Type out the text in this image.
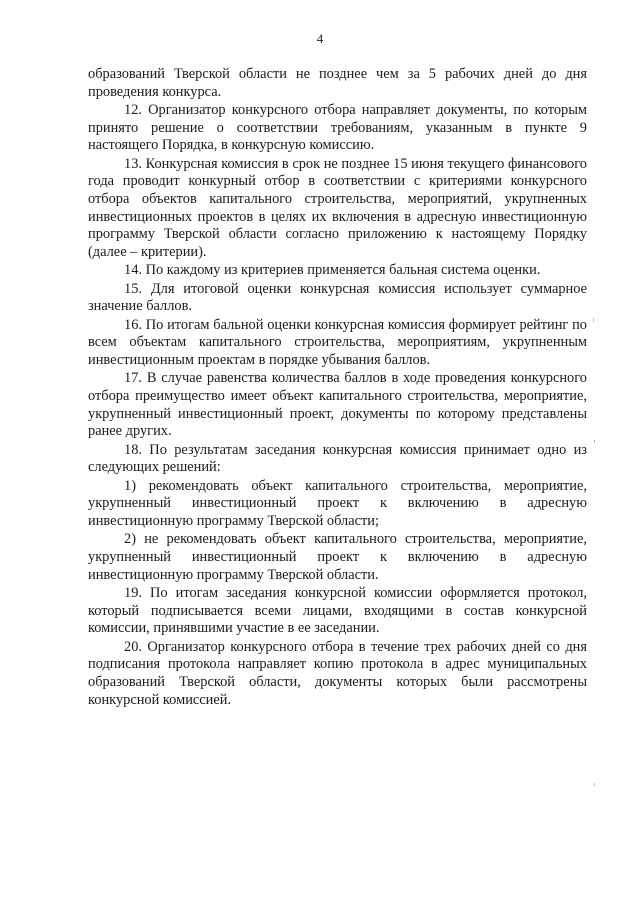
4

образований Тверской области не позднее чем за 5 рабочих дней до дня проведения конкурса.

12. Организатор конкурсного отбора направляет документы, по которым принято решение о соответствии требованиям, указанным в пункте 9 настоящего Порядка, в конкурсную комиссию.

13. Конкурсная комиссия в срок не позднее 15 июня текущего финансового года проводит конкурный отбор в соответствии с критериями конкурсного отбора объектов капитального строительства, мероприятий, укрупненных инвестиционных проектов в целях их включения в адресную инвестиционную программу Тверской области согласно приложению к настоящему Порядку (далее – критерии).

14. По каждому из критериев применяется бальная система оценки.

15. Для итоговой оценки конкурсная комиссия использует суммарное значение баллов.

16. По итогам бальной оценки конкурсная комиссия формирует рейтинг по всем объектам капитального строительства, мероприятиям, укрупненным инвестиционным проектам в порядке убывания баллов.

17. В случае равенства количества баллов в ходе проведения конкурсного отбора преимущество имеет объект капитального строительства, мероприятие, укрупненный инвестиционный проект, документы по которому представлены ранее других.

18. По результатам заседания конкурсная комиссия принимает одно из следующих решений:

1) рекомендовать объект капитального строительства, мероприятие, укрупненный инвестиционный проект к включению в адресную инвестиционную программу Тверской области;

2) не рекомендовать объект капитального строительства, мероприятие, укрупненный инвестиционный проект к включению в адресную инвестиционную программу Тверской области.

19. По итогам заседания конкурсной комиссии оформляется протокол, который подписывается всеми лицами, входящими в состав конкурсной комиссии, принявшими участие в ее заседании.

20. Организатор конкурсного отбора в течение трех рабочих дней со дня подписания протокола направляет копию протокола в адрес муниципальных образований Тверской области, документы которых были рассмотрены конкурсной комиссией.
